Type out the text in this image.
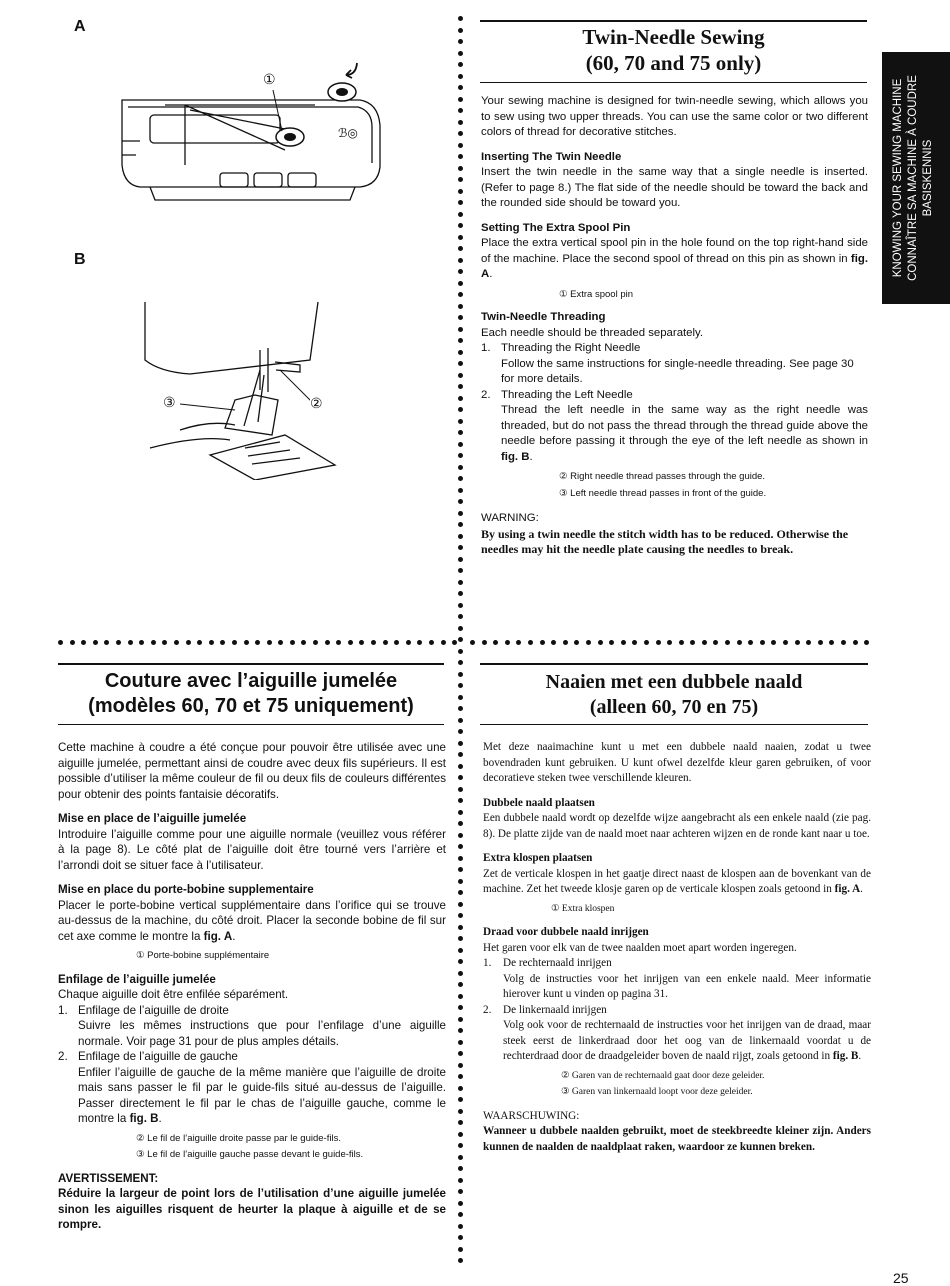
A
ℬ◎
①
B
③	②
Twin-Needle Sewing
(60, 70 and 75 only)

Your sewing machine is designed for twin-needle sewing, which allows you to sew using two upper threads. You can use the same color or two different colors of thread for decorative stitches.

Inserting The Twin Needle

Insert the twin needle in the same way that a single needle is inserted. (Refer to page 8.) The flat side of the needle should be toward the back and the rounded side should be toward you.

Setting The Extra Spool Pin

Place the extra vertical spool pin in the hole found on the top right-hand side of the machine. Place the second spool of thread on this pin as shown in fig. A.

① Extra spool pin

Twin-Needle Threading

Each needle should be threaded separately.

1. Threading the Right Needle

Follow the same instructions for single-needle threading. See page 30 for more details.

2. Threading the Left Needle

Thread the left needle in the same way as the right needle was threaded, but do not pass the thread through the thread guide above the needle before passing it through the eye of the left needle as shown in fig. B.

② Right needle thread passes through the guide.

③ Left needle thread passes in front of the guide.

WARNING:

By using a twin needle the stitch width has to be reduced. Otherwise the needles may hit the needle plate causing the needles to break.

KNOWING YOUR SEWING MACHINE CONNAÎTRE SA MACHINE À COUDRE BASISKENNIS
Couture avec l’aiguille jumelée
(modèles 60, 70 et 75 uniquement)

Cette machine à coudre a été conçue pour pouvoir être utilisée avec une aiguille jumelée, permettant ainsi de coudre avec deux fils supérieurs. Il est possible d’utiliser la même couleur de fil ou deux fils de couleurs différentes pour obtenir des points fantaisie décoratifs.

Mise en place de l’aiguille jumelée

Introduire l’aiguille comme pour une aiguille normale (veuillez vous référer à la page 8). Le côté plat de l’aiguille doit être tourné vers l’arrière et l’arrondi doit se situer face à l’utilisateur.

Mise en place du porte-bobine supplementaire

Placer le porte-bobine vertical supplémentaire dans l’orifice qui se trouve au-dessus de la machine, du côté droit. Placer la seconde bobine de fil sur cet axe comme le montre la fig. A.

① Porte-bobine supplémentaire

Enfilage de l’aiguille jumelée

Chaque aiguille doit être enfilée séparément.

1. Enfilage de l’aiguille de droite

Suivre les mêmes instructions que pour l’enfilage d’une aiguille normale. Voir page 31 pour de plus amples détails.

2. Enfilage de l’aiguille de gauche

Enfiler l’aiguille de gauche de la même manière que l’aiguille de droite mais sans passer le fil par le guide-fils situé au-dessus de l’aiguille. Passer directement le fil par le chas de l’aiguille gauche, comme le montre la fig. B.

② Le fil de l’aiguille droite passe par le guide-fils.

③ Le fil de l’aiguille gauche passe devant le guide-fils.

AVERTISSEMENT:

Réduire la largeur de point lors de l’utilisation d’une aiguille jumelée sinon les aiguilles risquent de heurter la plaque à aiguille et de se rompre.

Naaien met een dubbele naald
(alleen 60, 70 en 75)

Met deze naaimachine kunt u met een dubbele naald naaien, zodat u twee bovendraden kunt gebruiken. U kunt ofwel dezelfde kleur garen gebruiken, of voor decoratieve steken twee verschillende kleuren.

Dubbele naald plaatsen

Een dubbele naald wordt op dezelfde wijze aangebracht als een enkele naald (zie pag. 8). De platte zijde van de naald moet naar achteren wijzen en de ronde kant naar u toe.

Extra klospen plaatsen

Zet de verticale klospen in het gaatje direct naast de klospen aan de bovenkant van de machine. Zet het tweede klosje garen op de verticale klospen zoals getoond in fig. A.

① Extra klospen

Draad voor dubbele naald inrijgen

Het garen voor elk van de twee naalden moet apart worden ingeregen.

1. De rechternaald inrijgen

Volg de instructies voor het inrijgen van een enkele naald. Meer informatie hierover kunt u vinden op pagina 31.

2. De linkernaald inrijgen

Volg ook voor de rechternaald de instructies voor het inrijgen van de draad, maar steek eerst de linkerdraad door het oog van de linkernaald voordat u de rechterdraad door de draadgeleider boven de naald rijgt, zoals getoond in fig. B.

② Garen van de rechternaald gaat door deze geleider.

③ Garen van linkernaald loopt voor deze geleider.

WAARSCHUWING:

Wanneer u dubbele naalden gebruikt, moet de steekbreedte kleiner zijn. Anders kunnen de naalden de naaldplaat raken, waardoor ze kunnen breken.

25
